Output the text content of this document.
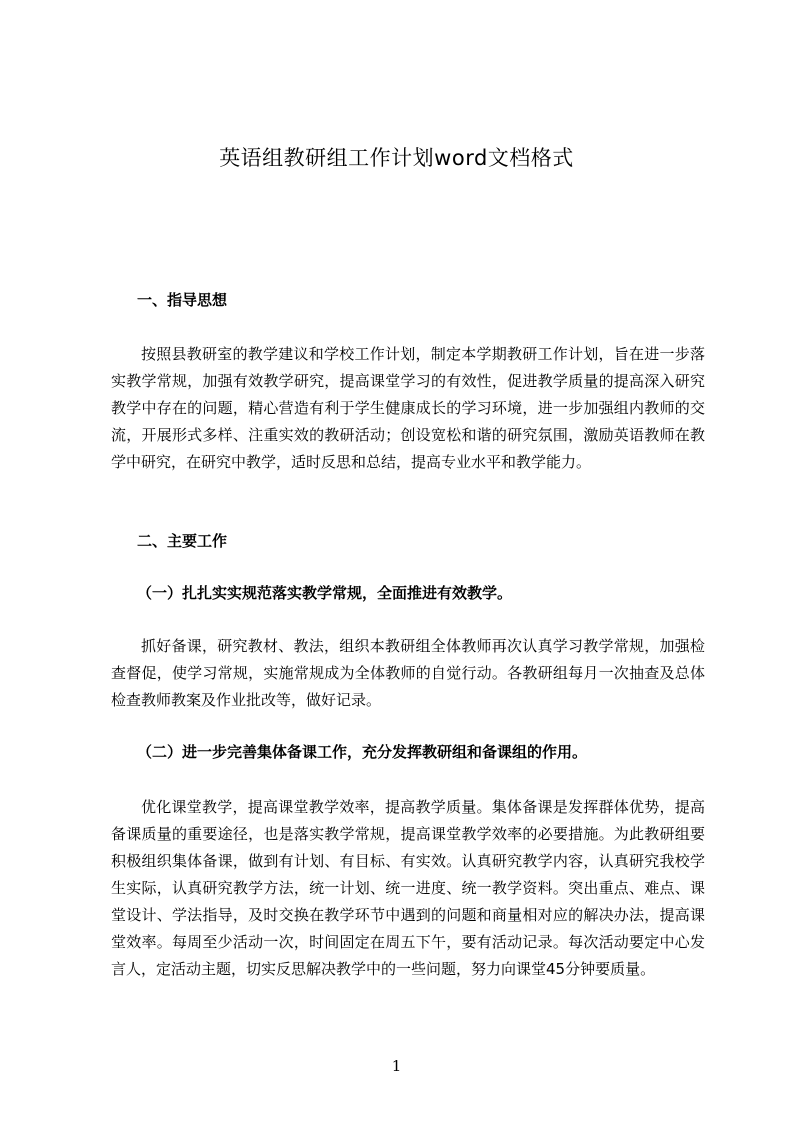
英语组教研组工作计划word文档格式
一、指导思想

按照县教研室的教学建议和学校工作计划，制定本学期教研工作计划，旨在进一步落实教学常规，加强有效教学研究，提高课堂学习的有效性，促进教学质量的提高深入研究教学中存在的问题，精心营造有利于学生健康成长的学习环境，进一步加强组内教师的交流，开展形式多样、注重实效的教研活动；创设宽松和谐的研究氛围，激励英语教师在教学中研究，在研究中教学，适时反思和总结，提高专业水平和教学能力。

二、主要工作
（一）扎扎实实规范落实教学常规，全面推进有效教学。

抓好备课，研究教材、教法，组织本教研组全体教师再次认真学习教学常规，加强检查督促，使学习常规，实施常规成为全体教师的自觉行动。各教研组每月一次抽查及总体检查教师教案及作业批改等，做好记录。

（二）进一步完善集体备课工作，充分发挥教研组和备课组的作用。

优化课堂教学，提高课堂教学效率，提高教学质量。集体备课是发挥群体优势，提高备课质量的重要途径，也是落实教学常规，提高课堂教学效率的必要措施。为此教研组要积极组织集体备课，做到有计划、有目标、有实效。认真研究教学内容，认真研究我校学生实际，认真研究教学方法，统一计划、统一进度、统一教学资料。突出重点、难点、课堂设计、学法指导，及时交换在教学环节中遇到的问题和商量相对应的解决办法，提高课堂效率。每周至少活动一次，时间固定在周五下午，要有活动记录。每次活动要定中心发言人，定活动主题，切实反思解决教学中的一些问题，努力向课堂45分钟要质量。

1
